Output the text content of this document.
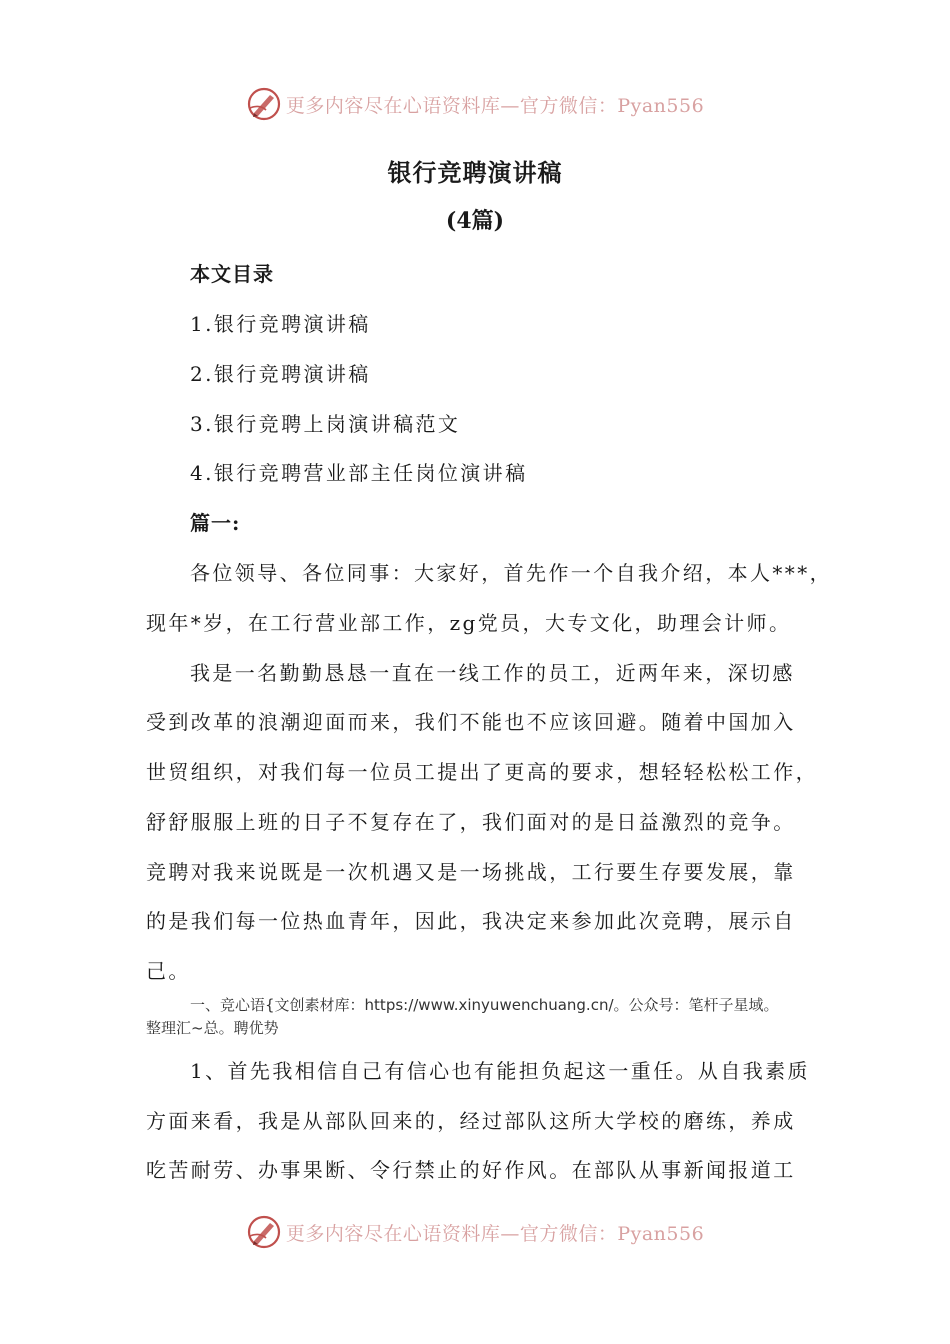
更多内容尽在心语资料库—官方微信：Pyan556
银行竞聘演讲稿
(4篇)
本文目录
1.银行竞聘演讲稿
2.银行竞聘演讲稿
3.银行竞聘上岗演讲稿范文
4.银行竞聘营业部主任岗位演讲稿
篇一:
各位领导、各位同事：大家好，首先作一个自我介绍，本人***，
现年*岁，在工行营业部工作，zg党员，大专文化，助理会计师。
我是一名勤勤恳恳一直在一线工作的员工，近两年来，深切感
受到改革的浪潮迎面而来，我们不能也不应该回避。随着中国加入
世贸组织，对我们每一位员工提出了更高的要求，想轻轻松松工作，
舒舒服服上班的日子不复存在了，我们面对的是日益激烈的竞争。
竞聘对我来说既是一次机遇又是一场挑战，工行要生存要发展，靠
的是我们每一位热血青年，因此，我决定来参加此次竞聘，展示自
己。
一、竞心语{文创素材库：https://www.xinyuwenchuang.cn/。公众号：笔杆子星域。
整理汇~总。聘优势
1、首先我相信自己有信心也有能担负起这一重任。从自我素质
方面来看，我是从部队回来的，经过部队这所大学校的磨练，养成
吃苦耐劳、办事果断、令行禁止的好作风。在部队从事新闻报道工
更多内容尽在心语资料库—官方微信：Pyan556
